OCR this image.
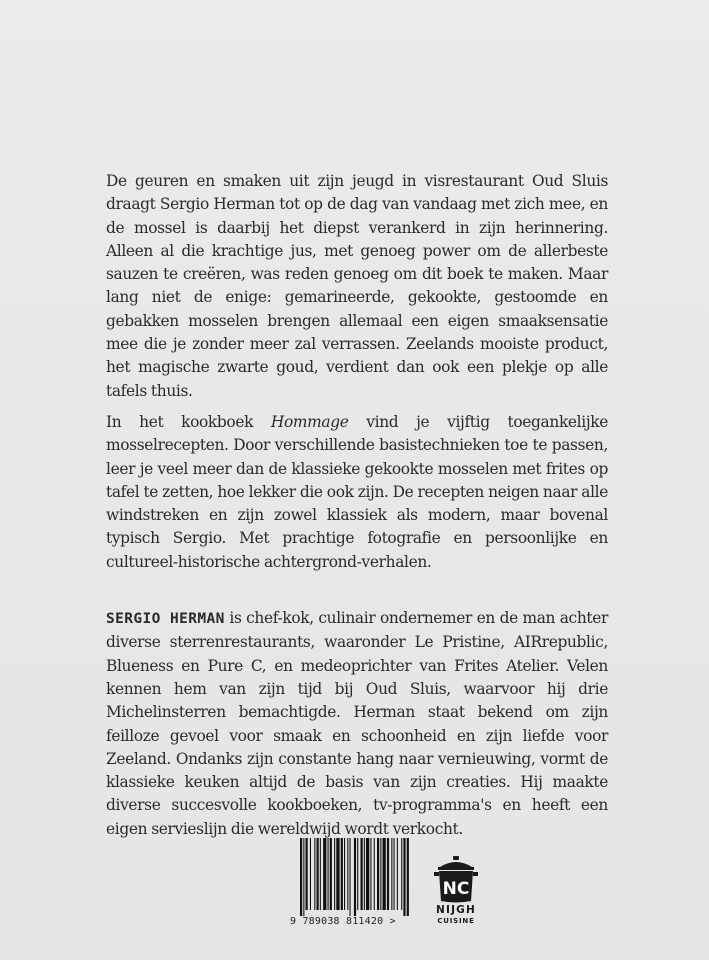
De geuren en smaken uit zijn jeugd in visrestaurant Oud Sluis draagt Sergio Herman tot op de dag van vandaag met zich mee, en de mossel is daarbij het diepst verankerd in zijn herinnering. Alleen al die krachtige jus, met genoeg power om de allerbeste sauzen te creëren, was reden genoeg om dit boek te maken. Maar lang niet de enige: gemarineerde, gekookte, gestoomde en gebakken mosselen brengen allemaal een eigen smaaksensatie mee die je zonder meer zal verrassen. Zeelands mooiste product, het magische zwarte goud, verdient dan ook een plekje op alle tafels thuis.

In het kookboek Hommage vind je vijftig toegankelijke mosselrecepten. Door verschillende basistechnieken toe te passen, leer je veel meer dan de klassieke gekookte mosselen met frites op tafel te zetten, hoe lekker die ook zijn. De recepten neigen naar alle windstreken en zijn zowel klassiek als modern, maar bovenal typisch Sergio. Met prachtige fotografie en persoonlijke en cultureel-historische achtergrond-verhalen.

SERGIO HERMAN is chef-kok, culinair ondernemer en de man achter diverse sterrenrestaurants, waaronder Le Pristine, AIRrepublic, Blueness en Pure C, en medeoprichter van Frites Atelier. Velen kennen hem van zijn tijd bij Oud Sluis, waarvoor hij drie Michelinsterren bemachtigde. Herman staat bekend om zijn feilloze gevoel voor smaak en schoonheid en zijn liefde voor Zeeland. Ondanks zijn constante hang naar vernieuwing, vormt de klassieke keuken altijd de basis van zijn creaties. Hij maakte diverse succesvolle kookboeken, tv-programma's en heeft een eigen servieslijn die wereldwijd wordt verkocht.

9 789038 811420 >
NC
NIJGH
CUISINE
